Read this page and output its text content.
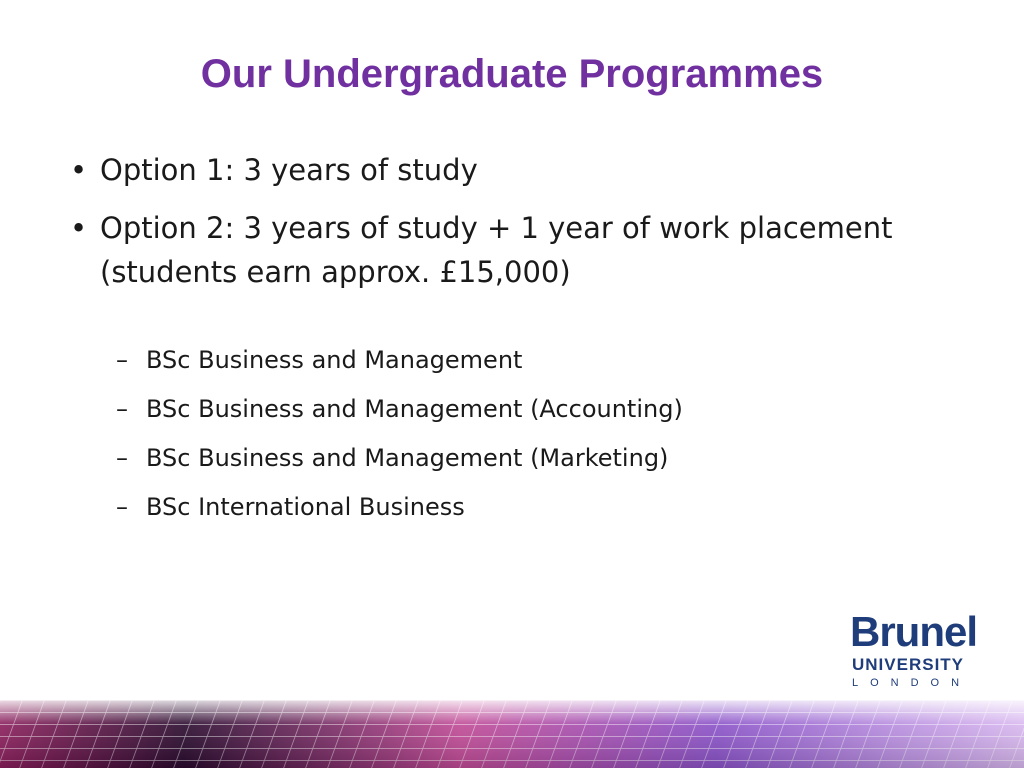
Our Undergraduate Programmes
• Option 1: 3 years of study
• Option 2: 3 years of study + 1 year of work placement (students earn approx. £15,000)
– BSc Business and Management
– BSc Business and Management (Accounting)
– BSc Business and Management (Marketing)
– BSc International Business
Brunel
UNIVERSITY
LONDON
